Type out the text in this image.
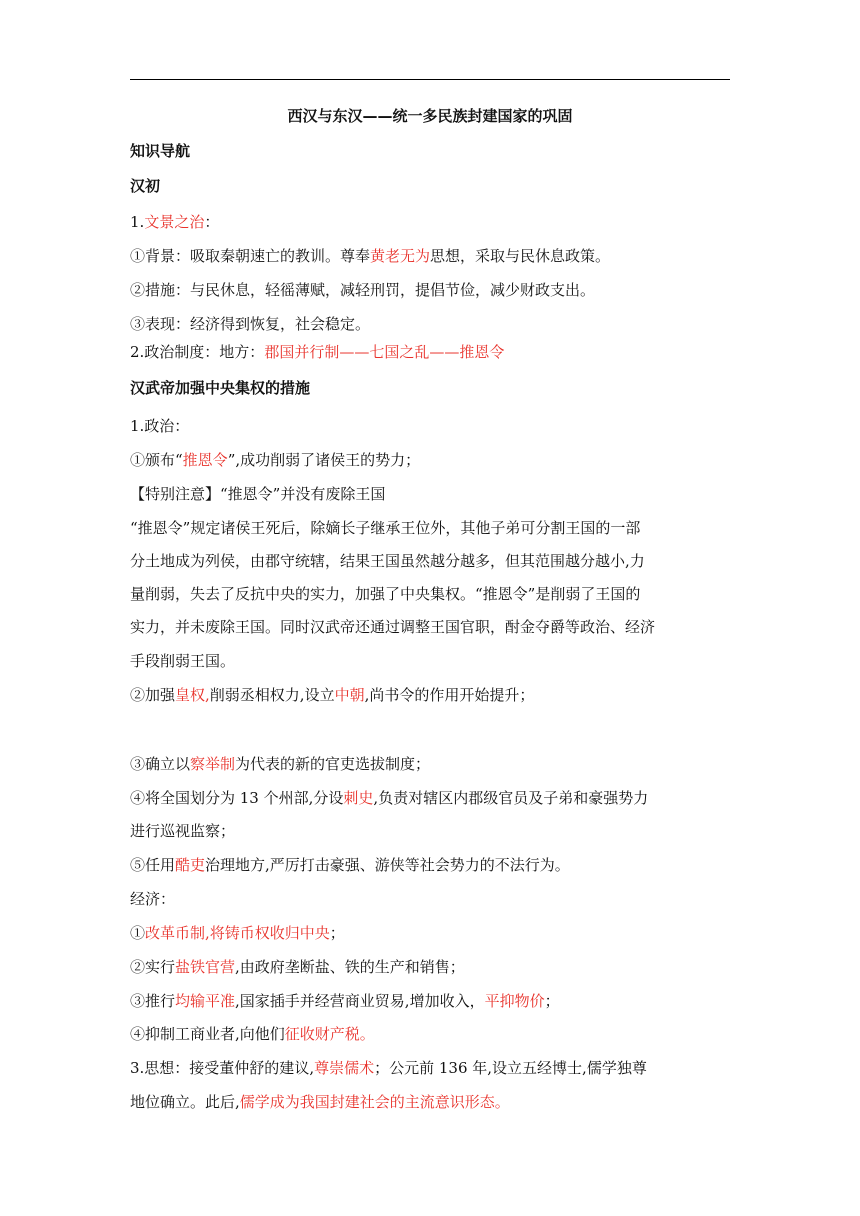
西汉与东汉——统一多民族封建国家的巩固
知识导航
汉初
1.文景之治：
①背景：吸取秦朝速亡的教训。尊奉黄老无为思想，采取与民休息政策。
②措施：与民休息，轻徭薄赋，减轻刑罚，提倡节俭，减少财政支出。
③表现：经济得到恢复，社会稳定。
2.政治制度：地方：郡国并行制——七国之乱——推恩令
汉武帝加强中央集权的措施
1.政治：
①颁布“推恩令”,成功削弱了诸侯王的势力；
【特别注意】“推恩令”并没有废除王国
“推恩令”规定诸侯王死后，除嫡长子继承王位外，其他子弟可分割王国的一部
分土地成为列侯，由郡守统辖，结果王国虽然越分越多，但其范围越分越小,力
量削弱，失去了反抗中央的实力，加强了中央集权。“推恩令”是削弱了王国的
实力，并未废除王国。同时汉武帝还通过调整王国官职，酎金夺爵等政治、经济
手段削弱王国。
②加强皇权,削弱丞相权力,设立中朝,尚书令的作用开始提升；
③确立以察举制为代表的新的官吏选拔制度；
④将全国划分为 13 个州部,分设刺史,负责对辖区内郡级官员及子弟和豪强势力
进行巡视监察；
⑤任用酷吏治理地方,严厉打击豪强、游侠等社会势力的不法行为。
经济：
①改革币制,将铸币权收归中央；
②实行盐铁官营,由政府垄断盐、铁的生产和销售；
③推行均输平准,国家插手并经营商业贸易,增加收入，平抑物价；
④抑制工商业者,向他们征收财产税。
3.思想：接受董仲舒的建议,尊崇儒术；公元前 136 年,设立五经博士,儒学独尊
地位确立。此后,儒学成为我国封建社会的主流意识形态。
